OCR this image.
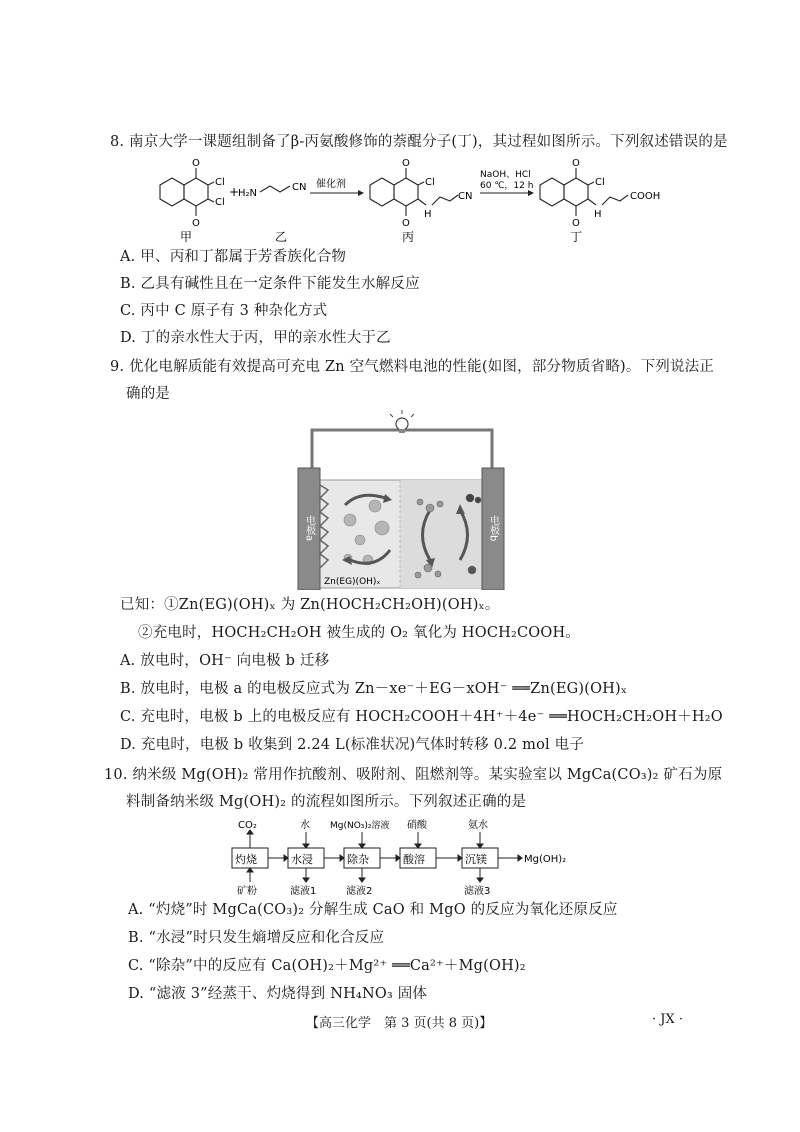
8. 南京大学一课题组制备了β-丙氨酸修饰的萘醌分子(丁)，其过程如图所示。下列叙述错误的是
O
O
Cl
Cl
+
H₂N
CN
甲	乙
催化剂
O
O
Cl
H
CN
丙
NaOH、HCl
60 ℃，12 h
O
O
Cl
H
COOH
丁
A. 甲、丙和丁都属于芳香族化合物
B. 乙具有碱性且在一定条件下能发生水解反应
C. 丙中 C 原子有 3 种杂化方式
D. 丁的亲水性大于丙，甲的亲水性大于乙
9. 优化电解质能有效提高可充电 Zn 空气燃料电池的性能(如图，部分物质省略)。下列说法正
确的是
电极a	电极b
Zn(EG)(OH)ₓ
已知：①Zn(EG)(OH)ₓ 为 Zn(HOCH₂CH₂OH)(OH)ₓ。
②充电时，HOCH₂CH₂OH 被生成的 O₂ 氧化为 HOCH₂COOH。
A. 放电时，OH⁻ 向电极 b 迁移
B. 放电时，电极 a 的电极反应式为 Zn－xe⁻＋EG－xOH⁻ ══Zn(EG)(OH)ₓ
C. 充电时，电极 b 上的电极反应有 HOCH₂COOH＋4H⁺＋4e⁻ ══HOCH₂CH₂OH＋H₂O
D. 充电时，电极 b 收集到 2.24 L(标准状况)气体时转移 0.2 mol 电子
10. 纳米级 Mg(OH)₂ 常用作抗酸剂、吸附剂、阻燃剂等。某实验室以 MgCa(CO₃)₂ 矿石为原
料制备纳米级 Mg(OH)₂ 的流程如图所示。下列叙述正确的是
灼烧	水浸	除杂	酸溶	沉镁	Mg(OH)₂
CO₂	水 Mg(NO₃)₂溶液 硝酸	氨水
矿粉	滤液1	滤液2	滤液3
A. “灼烧”时 MgCa(CO₃)₂ 分解生成 CaO 和 MgO 的反应为氧化还原反应
B. “水浸”时只发生熵增反应和化合反应
C. “除杂”中的反应有 Ca(OH)₂＋Mg²⁺ ══Ca²⁺＋Mg(OH)₂
D. “滤液 3”经蒸干、灼烧得到 NH₄NO₃ 固体
【高三化学　第 3 页(共 8 页)】	· JX ·
